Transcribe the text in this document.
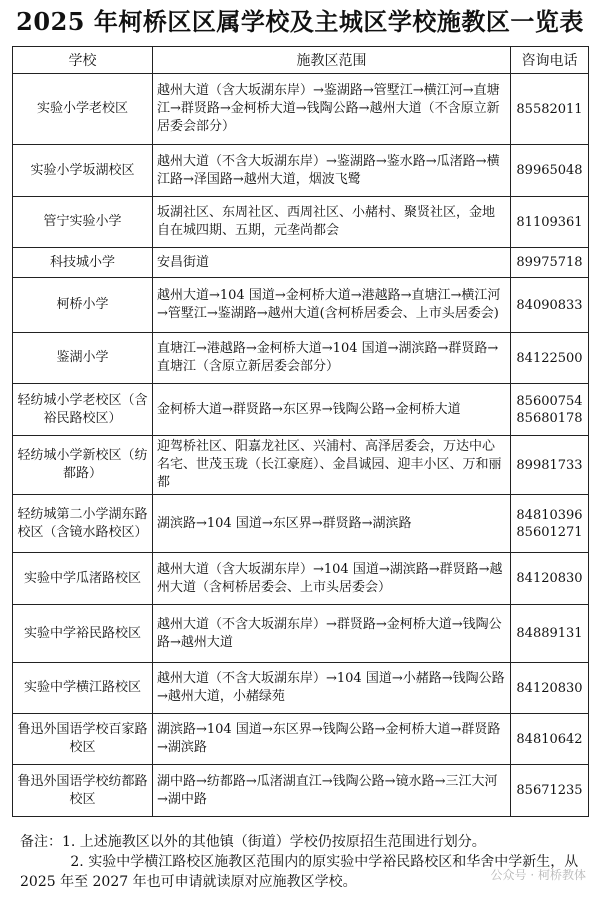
2025 年柯桥区区属学校及主城区学校施教区一览表
学校	施教区范围	咨询电话
实验小学老校区	越州大道（含大坂湖东岸）→鉴湖路→管墅江→横江河→直塘江→群贤路→金柯桥大道→钱陶公路→越州大道（不含原立新居委会部分）	85582011

实验小学坂湖校区	越州大道（不含大坂湖东岸）→鉴湖路→鉴水路→瓜渚路→横江路→泽国路→越州大道，烟波飞鹭	89965048

管宁实验小学	坂湖社区、东周社区、西周社区、小赭村、聚贤社区，金地自在城四期、五期，元垄尚都会	81109361

科技城小学	安昌街道	89975718

柯桥小学	越州大道→104 国道→金柯桥大道→港越路→直塘江→横江河→管墅江→鉴湖路→越州大道(含柯桥居委会、上市头居委会)	84090833

鉴湖小学	直塘江→港越路→金柯桥大道→104 国道→湖滨路→群贤路→直塘江（含原立新居委会部分）	84122500

轻纺城小学老校区（含裕民路校区）	金柯桥大道→群贤路→东区界→钱陶公路→金柯桥大道	85600754
85680178

轻纺城小学新校区（纺都路）	迎驾桥社区、阳嘉龙社区、兴浦村、高泽居委会，万达中心名宅、世茂玉珑（长江豪庭）、金昌诚园、迎丰小区、万和丽都	89981733

轻纺城第二小学湖东路校区（含镜水路校区）	湖滨路→104 国道→东区界→群贤路→湖滨路	84810396
85601271

实验中学瓜渚路校区	越州大道（含大坂湖东岸）→104 国道→湖滨路→群贤路→越州大道（含柯桥居委会、上市头居委会）	84120830

实验中学裕民路校区	越州大道（不含大坂湖东岸）→群贤路→金柯桥大道→钱陶公路→越州大道	84889131

实验中学横江路校区	越州大道（不含大坂湖东岸）→104 国道→小赭路→钱陶公路→越州大道，小赭绿苑	84120830

鲁迅外国语学校百家路校区	湖滨路→104 国道→东区界→钱陶公路→金柯桥大道→群贤路→湖滨路	84810642

鲁迅外国语学校纺都路校区	湖中路→纺都路→瓜渚湖直江→钱陶公路→镜水路→三江大河→湖中路	85671235
备注：1. 上述施教区以外的其他镇（街道）学校仍按原招生范围进行划分。
2. 实验中学横江路校区施教区范围内的原实验中学裕民路校区和华舍中学新生，从 2025 年至 2027 年也可申请就读原对应施教区学校。	公众号 · 柯桥教体
